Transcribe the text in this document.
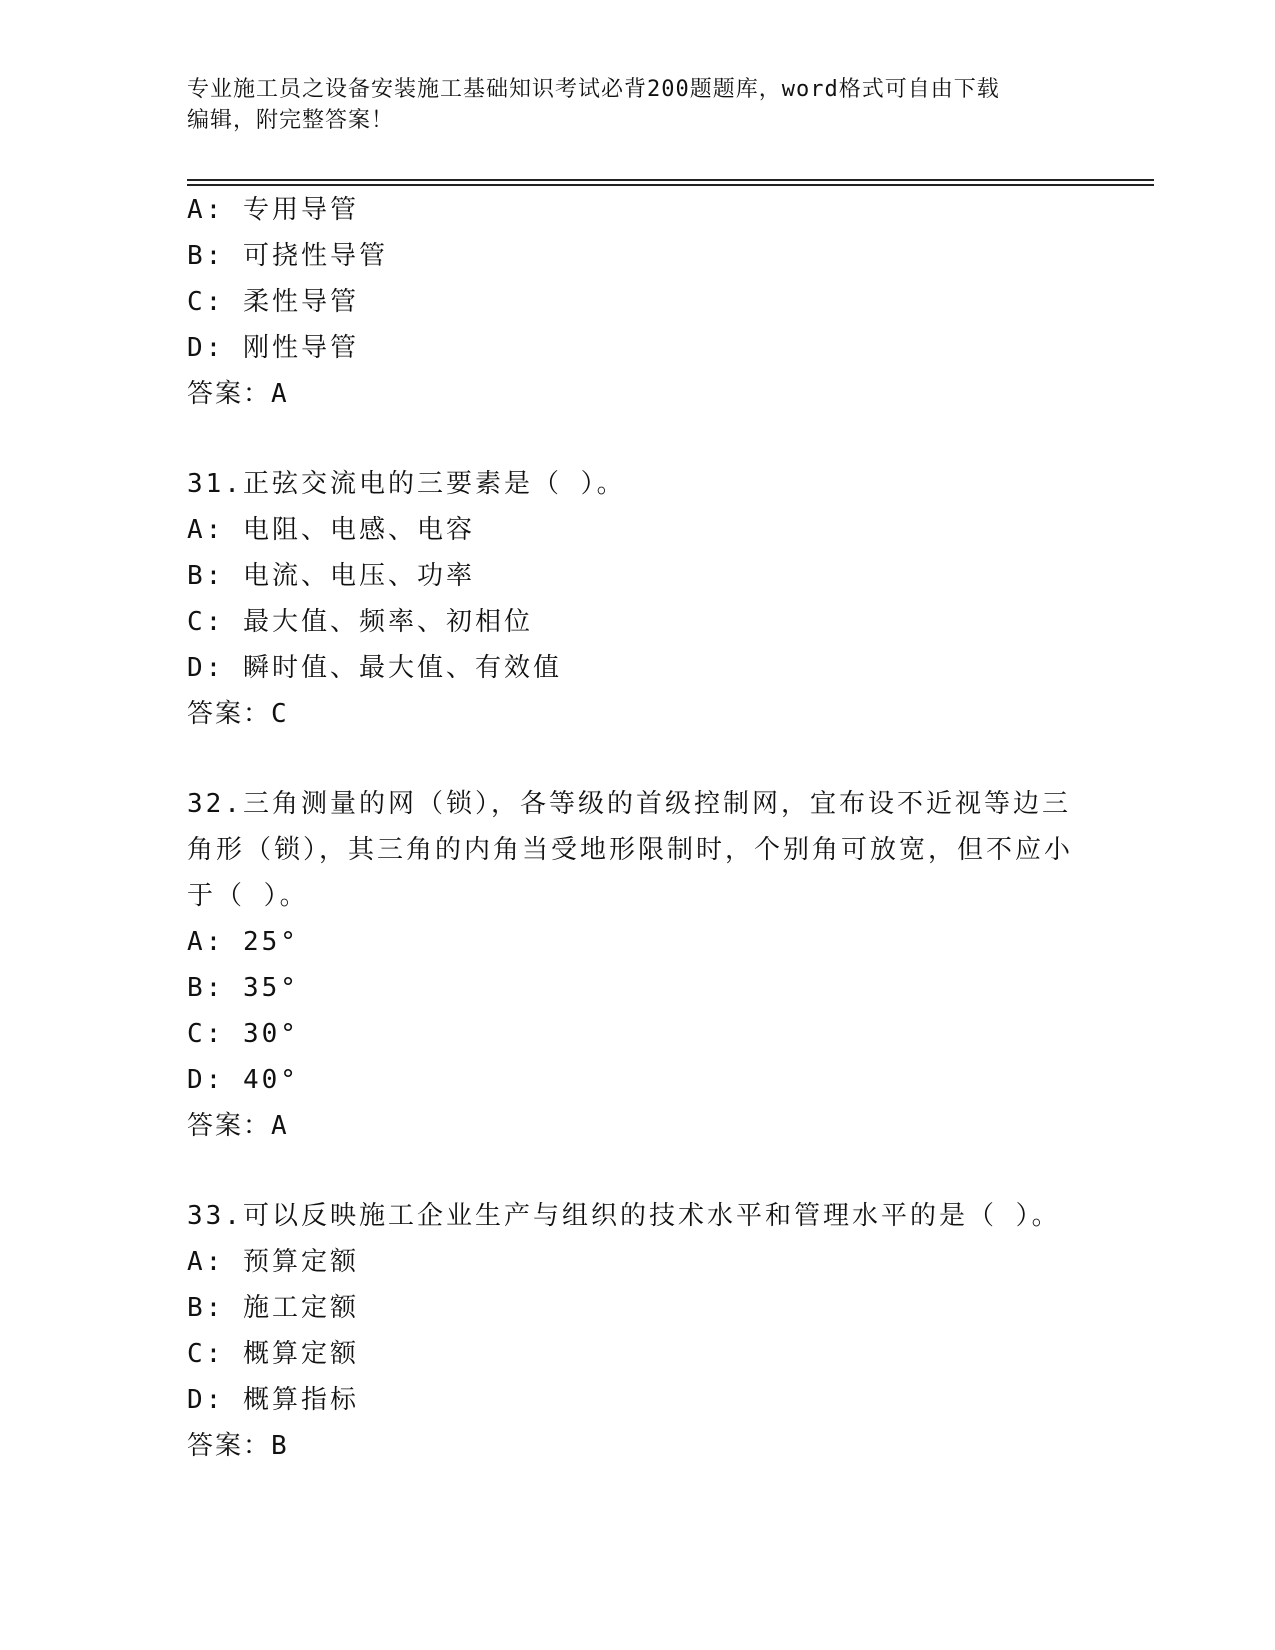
专业施工员之设备安装施工基础知识考试必背200题题库，word格式可自由下载
编辑，附完整答案！
A: 专用导管
B: 可挠性导管
C: 柔性导管
D: 刚性导管
答案：A
31.正弦交流电的三要素是（ ）。
A: 电阻、电感、电容
B: 电流、电压、功率
C: 最大值、频率、初相位
D: 瞬时值、最大值、有效值
答案：C
32.三角测量的网（锁），各等级的首级控制网，宜布设不近视等边三角形（锁），其三角的内角当受地形限制时，个别角可放宽，但不应小于（ ）。
A: 25°
B: 35°
C: 30°
D: 40°
答案：A
33.可以反映施工企业生产与组织的技术水平和管理水平的是（ ）。
A: 预算定额
B: 施工定额
C: 概算定额
D: 概算指标
答案：B
